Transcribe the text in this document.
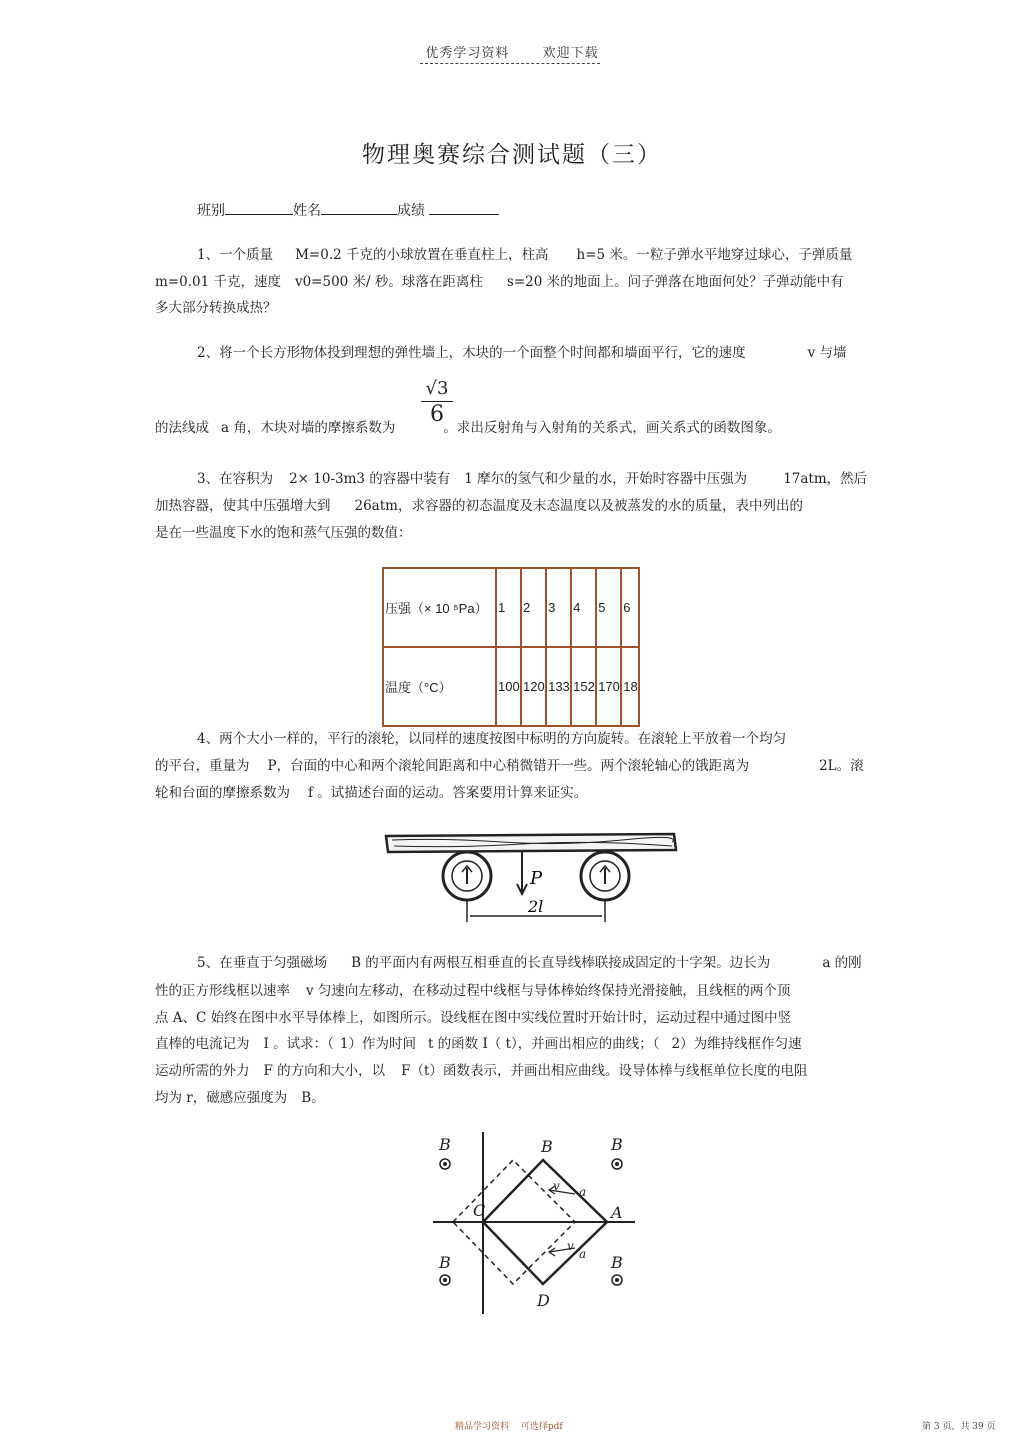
优秀学习资料	欢迎下载
物理奥赛综合测试题（三）
班别	姓名	成绩
1、一个质量 M=0.2 千克的小球放置在垂直柱上，柱高 h=5 米。一粒子弹水平地穿过球心，子弹质量
m=0.01 千克，速度 v0=500 米/ 秒。球落在距离柱 s=20 米的地面上。问子弹落在地面何处？子弹动能中有
多大部分转换成热？
2、将一个长方形物体投到理想的弹性墙上，木块的一个面整个时间都和墙面平行，它的速度	v 与墙
√3
6
的法线成 a 角，木块对墙的摩擦系数为	。求出反射角与入射角的关系式，画关系式的函数图象。
3、在容积为 2× 10-3m3 的容器中装有 1 摩尔的氢气和少量的水，开始时容器中压强为	17atm，然后
加热容器，使其中压强增大到 26atm，求容器的初态温度及末态温度以及被蒸发的水的质量，表中列出的
是在一些温度下水的饱和蒸气压强的数值：
压强（× 10 ⁵Pa）	1	2	3	4	5	6
温度（°C）	100	120	133	152	170	18
4、两个大小一样的，平行的滚轮，以同样的速度按图中标明的方向旋转。在滚轮上平放着一个均匀
的平台，重量为 P，台面的中心和两个滚轮间距离和中心稍微错开一些。两个滚轮轴心的饿距离为	2L。滚
轮和台面的摩擦系数为 f 。试描述台面的运动。答案要用计算来证实。
P
2l
5、在垂直于匀强磁场 B 的平面内有两根互相垂直的长直导线棒联接成固定的十字架。边长为	a 的刚
性的正方形线框以速率 v 匀速向左移动，在移动过程中线框与导体棒始终保持光滑接触，且线框的两个顶
点 A、C 始终在图中水平导体棒上，如图所示。设线框在图中实线位置时开始计时，运动过程中通过图中竖
直棒的电流记为 I 。试求：（ 1）作为时间 t 的函数 I（ t），并画出相应的曲线；（ 2）为维持线框作匀速
运动所需的外力 F 的方向和大小，以 F（t）函数表示，并画出相应曲线。设导体棒与线框单位长度的电阻
均为 r，磁感应强度为 B。
B	B
B	B
B
C	A
D
v a
v
a
精品学习资料　 可选择pdf	第 3 页，共 39 页
